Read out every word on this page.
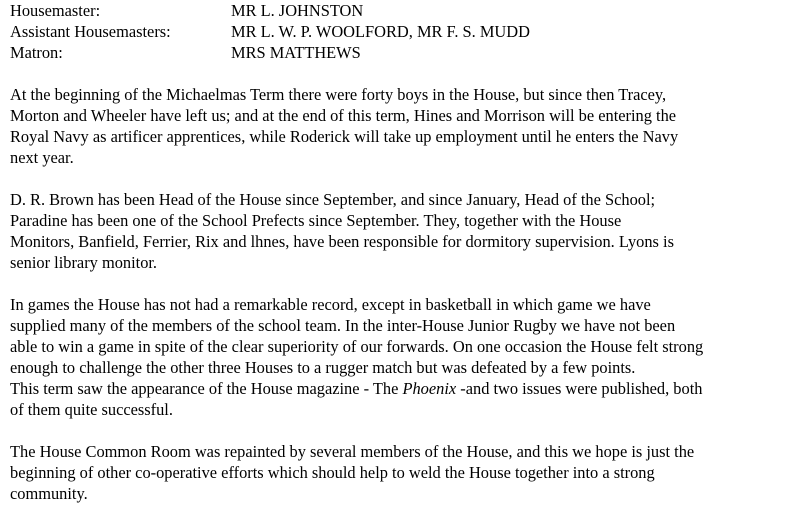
Housemaster:	MR L. JOHNSTON
Assistant Housemasters:	MR L. W. P. WOOLFORD, MR F. S. MUDD
Matron:	MRS MATTHEWS
At the beginning of the Michaelmas Term there were forty boys in the House, but since then Tracey,
Morton and Wheeler have left us; and at the end of this term, Hines and Morrison will be entering the
Royal Navy as artificer apprentices, while Roderick will take up employment until he enters the Navy
next year.
D. R. Brown has been Head of the House since September, and since January, Head of the School;
Paradine has been one of the School Prefects since September. They, together with the House
Monitors, Banfield, Ferrier, Rix and lhnes, have been responsible for dormitory supervision. Lyons is
senior library monitor.
In games the House has not had a remarkable record, except in basketball in which game we have
supplied many of the members of the school team. In the inter-House Junior Rugby we have not been
able to win a game in spite of the clear superiority of our forwards. On one occasion the House felt strong
enough to challenge the other three Houses to a rugger match but was defeated by a few points.
This term saw the appearance of the House magazine - The Phoenix -and two issues were published, both
of them quite successful.
The House Common Room was repainted by several members of the House, and this we hope is just the
beginning of other co-operative efforts which should help to weld the House together into a strong
community.
